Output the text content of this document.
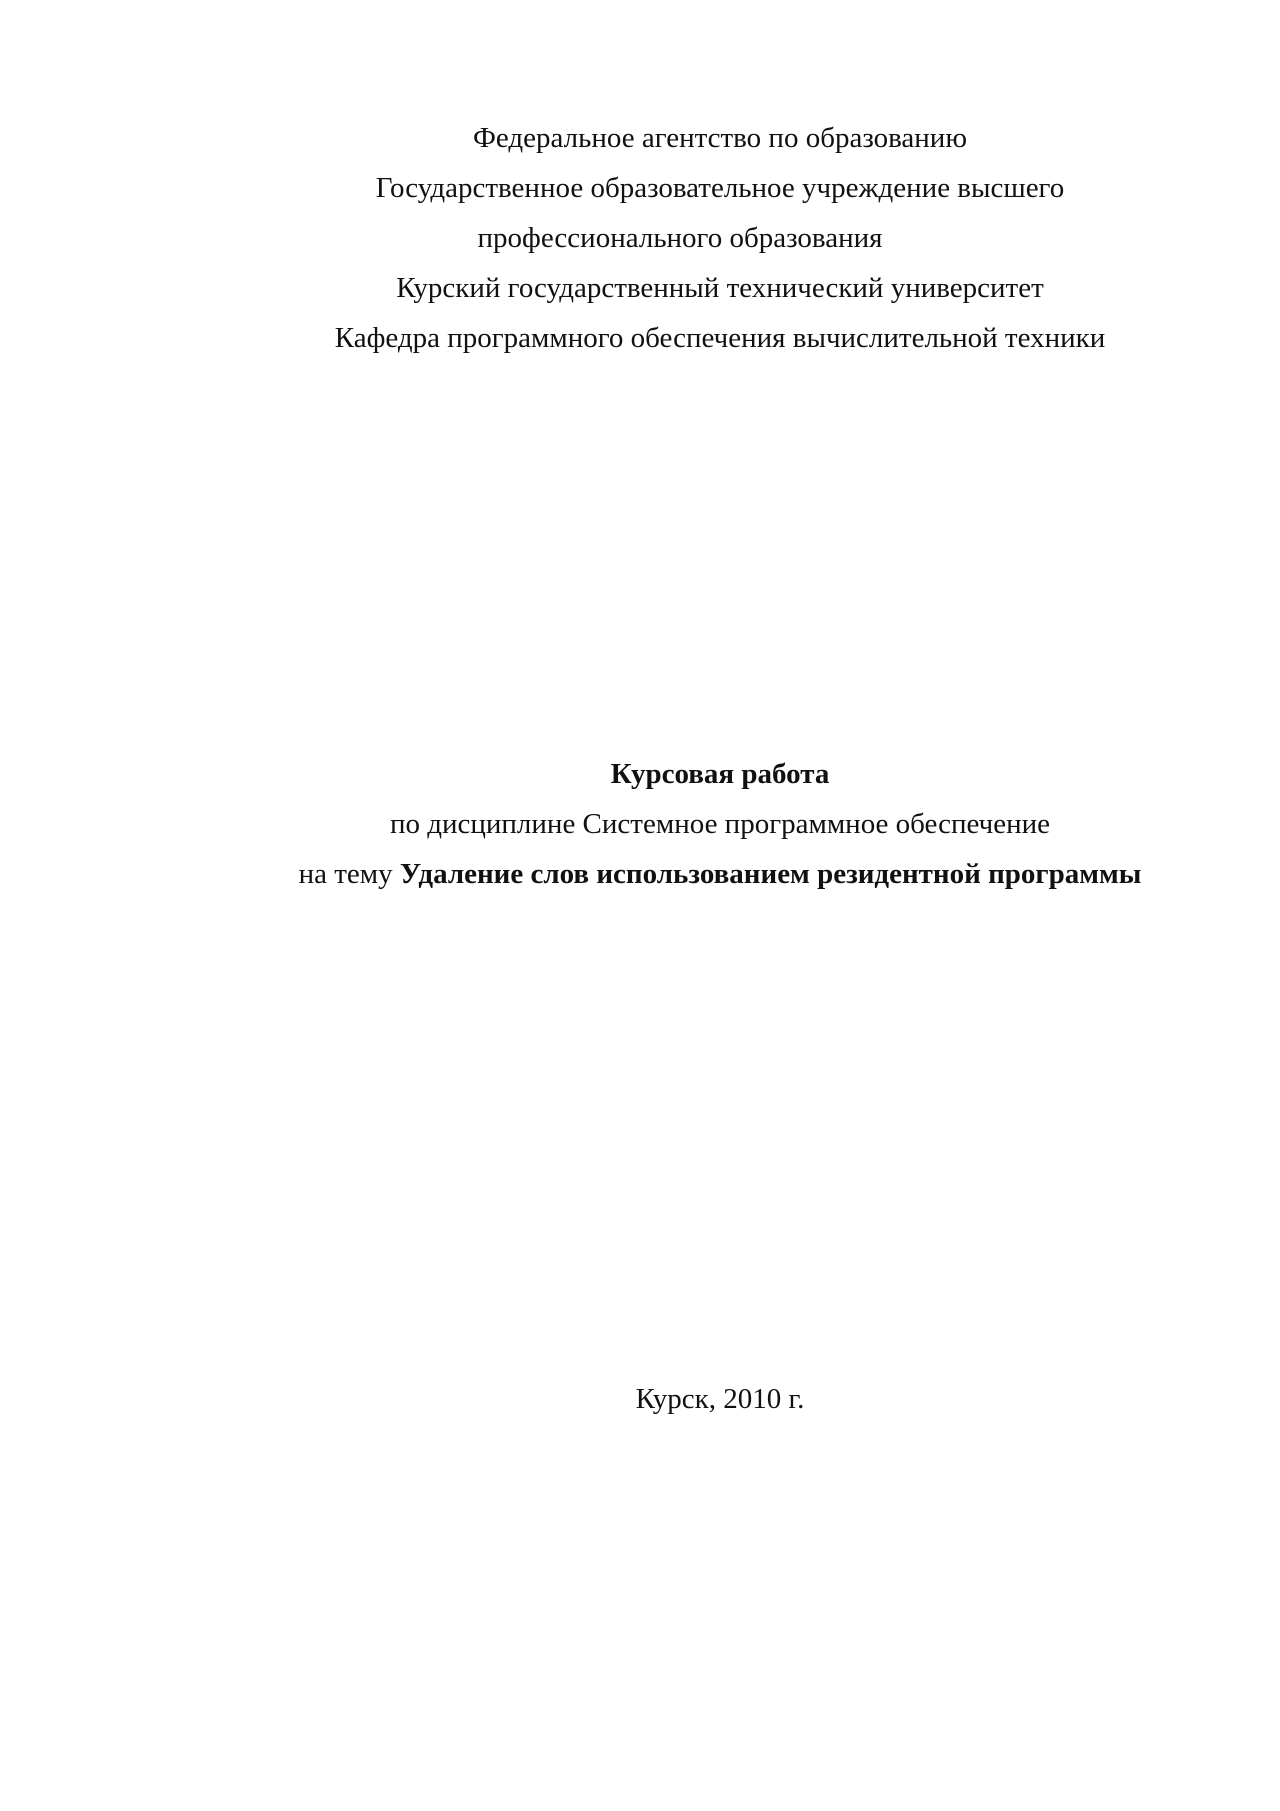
Федеральное агентство по образованию
Государственное образовательное учреждение высшего
профессионального образования
Курский государственный технический университет
Кафедра программного обеспечения вычислительной техники
Курсовая работа
по дисциплине Системное программное обеспечение
на тему Удаление слов использованием резидентной программы
Курск, 2010 г.
